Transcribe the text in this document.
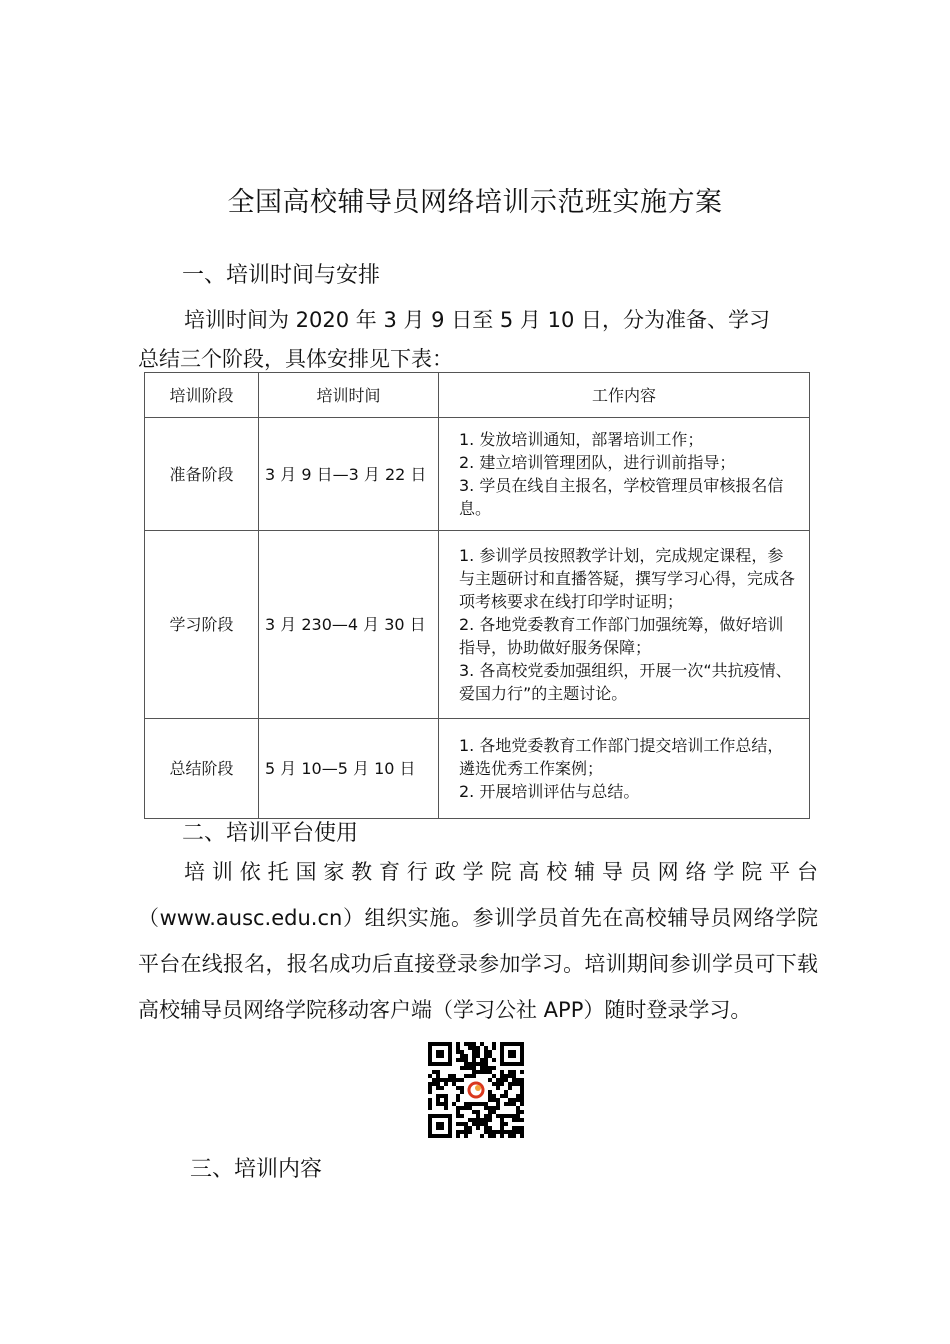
全国高校辅导员网络培训示范班实施方案
一、培训时间与安排
培训时间为 2020 年 3 月 9 日至 5 月 10 日，分为准备、学习
总结三个阶段，具体安排见下表：
培训阶段	培训时间	工作内容
准备阶段	3 月 9 日—3 月 22 日	1. 发放培训通知，部署培训工作；
2. 建立培训管理团队，进行训前指导；
3. 学员在线自主报名，学校管理员审核报名信息。

学习阶段	3 月 230—4 月 30 日	1. 参训学员按照教学计划，完成规定课程，参与主题研讨和直播答疑，撰写学习心得，完成各项考核要求在线打印学时证明；
2. 各地党委教育工作部门加强统筹，做好培训指导，协助做好服务保障；
3. 各高校党委加强组织，开展一次“共抗疫情、爱国力行”的主题讨论。

总结阶段	5 月 10—5 月 10 日	1. 各地党委教育工作部门提交培训工作总结，遴选优秀工作案例；
2. 开展培训评估与总结。
二、培训平台使用
培训依托国家教育行政学院高校辅导员网络学院平台（www.ausc.edu.cn）组织实施。参训学员首先在高校辅导员网络学院平台在线报名，报名成功后直接登录参加学习。培训期间参训学员可下载高校辅导员网络学院移动客户端（学习公社 APP）随时登录学习。
三、培训内容
